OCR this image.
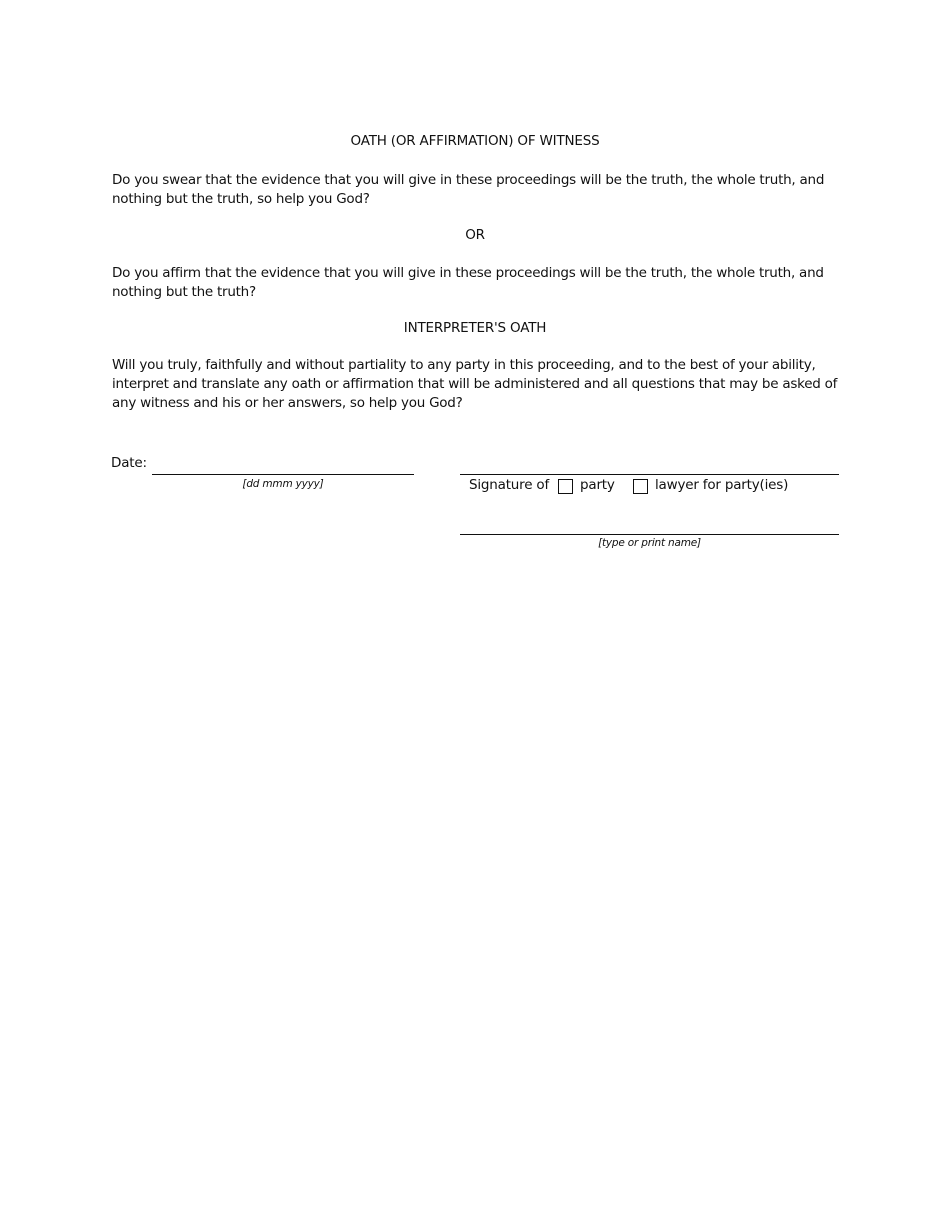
OATH (OR AFFIRMATION) OF WITNESS
Do you swear that the evidence that you will give in these proceedings will be the truth, the whole truth, and nothing but the truth, so help you God?
OR
Do you affirm that the evidence that you will give in these proceedings will be the truth, the whole truth, and nothing but the truth?
INTERPRETER'S OATH
Will you truly, faithfully and without partiality to any party in this proceeding, and to the best of your ability, interpret and translate any oath or affirmation that will be administered and all questions that may be asked of any witness and his or her answers, so help you God?
Date:
[dd mmm yyyy]	Signature of party	lawyer for party(ies)
[type or print name]
